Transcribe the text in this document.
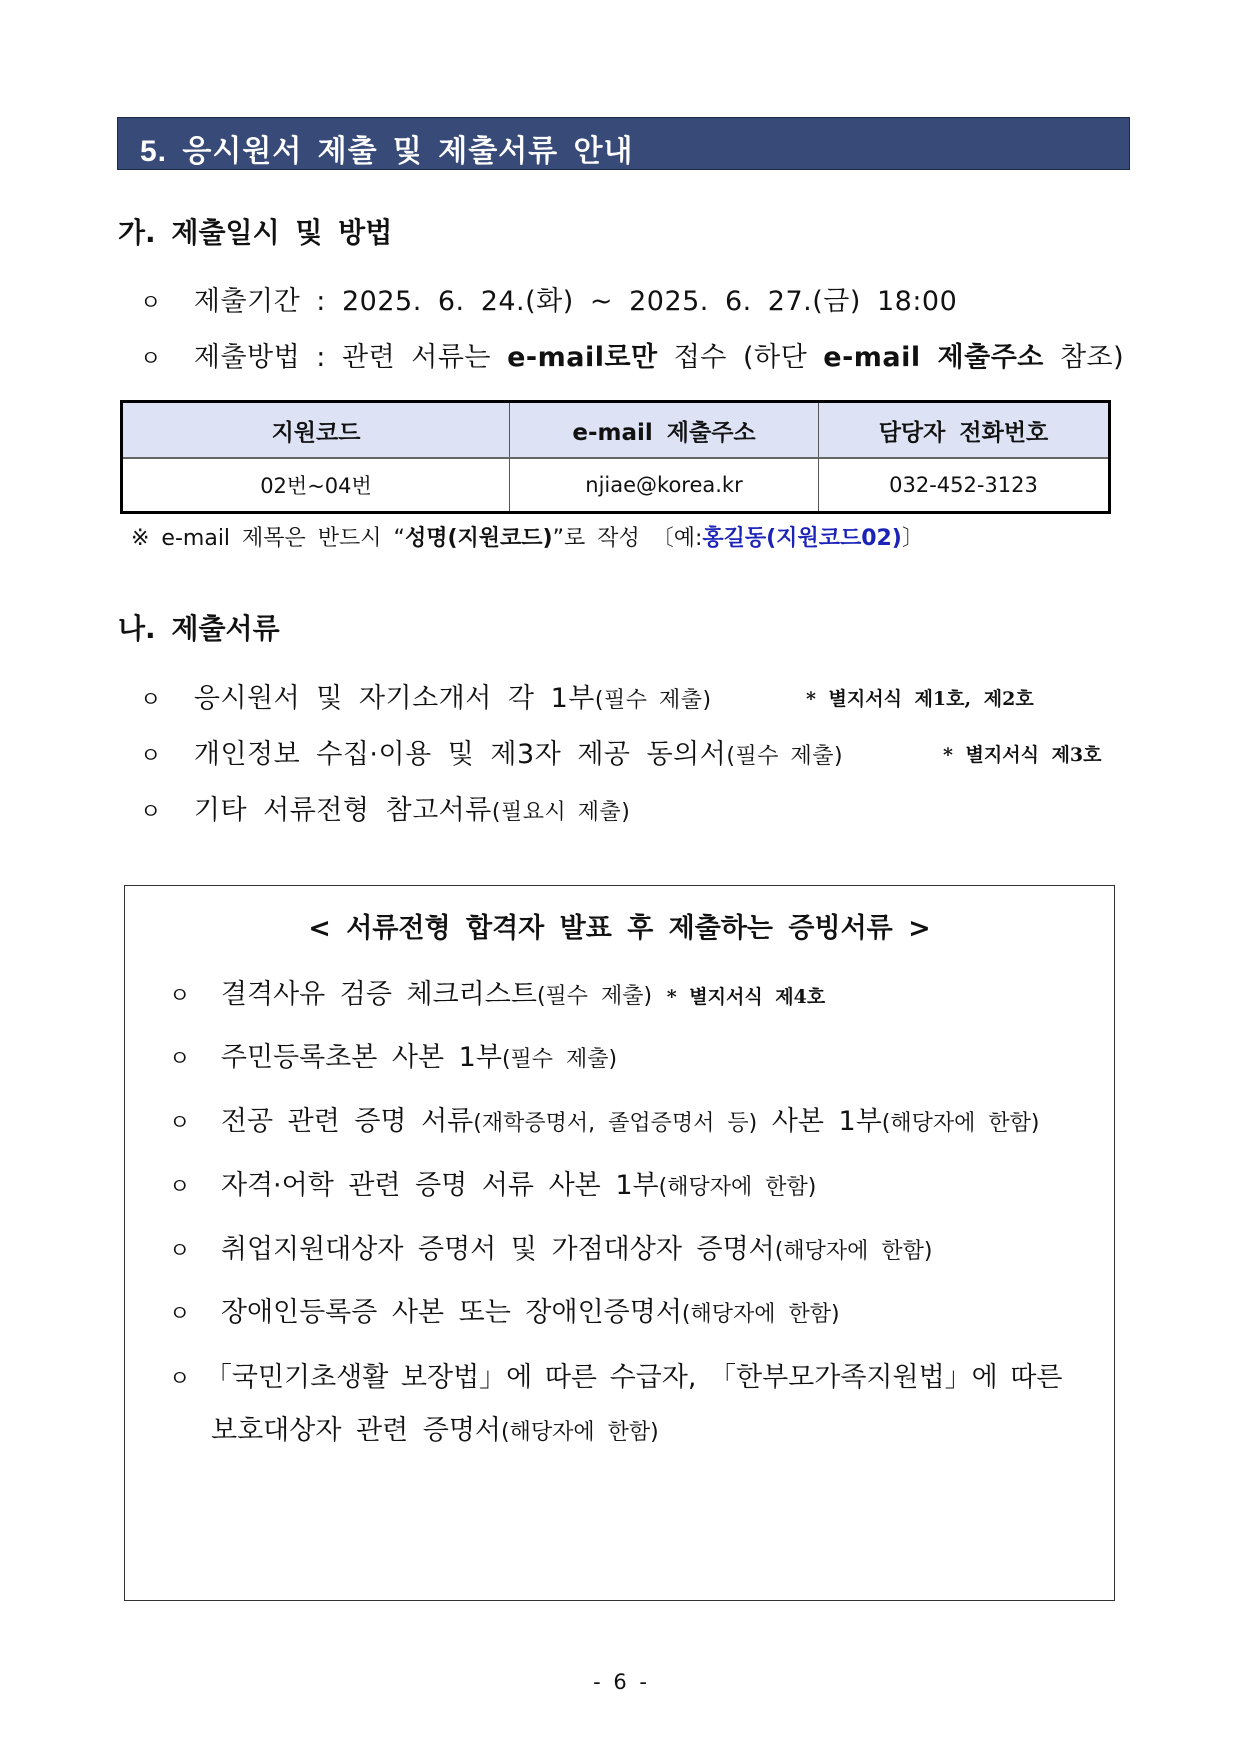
5. 응시원서 제출 및 제출서류 안내
가. 제출일시 및 방법
ㅇ 제출기간 : 2025. 6. 24.(화) ~ 2025. 6. 27.(금) 18:00
ㅇ 제출방법 : 관련 서류는 e-mail로만 접수 (하단 e-mail 제출주소 참조)
지원코드	e-mail 제출주소	담당자 전화번호
02번~04번	njiae@korea.kr	032-452-3123
※ e-mail 제목은 반드시 “성명(지원코드)”로 작성 〔예:홍길동(지원코드02)〕
나. 제출서류
ㅇ 응시원서 및 자기소개서 각 1부(필수 제출)	* 별지서식 제1호, 제2호
ㅇ 개인정보 수집·이용 및 제3자 제공 동의서(필수 제출)	* 별지서식 제3호
ㅇ 기타 서류전형 참고서류(필요시 제출)
< 서류전형 합격자 발표 후 제출하는 증빙서류 >
ㅇ 결격사유 검증 체크리스트(필수 제출) * 별지서식 제4호
ㅇ 주민등록초본 사본 1부(필수 제출)
ㅇ 전공 관련 증명 서류(재학증명서, 졸업증명서 등) 사본 1부(해당자에 한함)
ㅇ 자격·어학 관련 증명 서류 사본 1부(해당자에 한함)
ㅇ 취업지원대상자 증명서 및 가점대상자 증명서(해당자에 한함)
ㅇ 장애인등록증 사본 또는 장애인증명서(해당자에 한함)
ㅇ 「국민기초생활 보장법」에 따른 수급자, 「한부모가족지원법」에 따른
보호대상자 관련 증명서(해당자에 한함)
- 6 -
